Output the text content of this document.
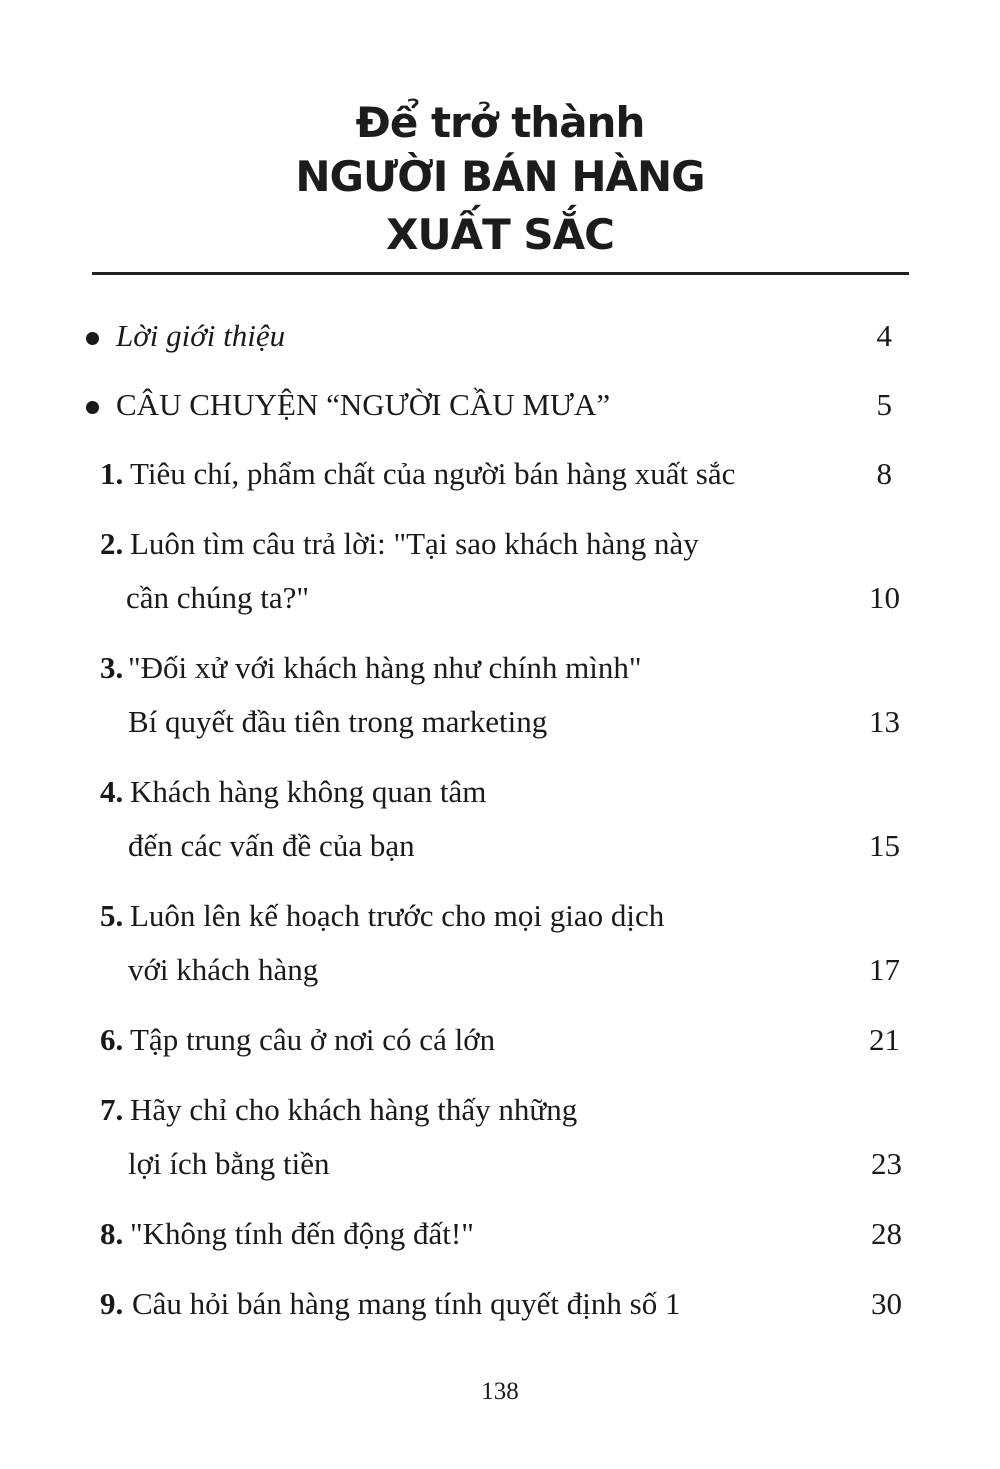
Để trở thành
NGƯỜI BÁN HÀNG
XUẤT SẮC
Lời giới thiệu	4
CÂU CHUYỆN “NGƯỜI CẦU MƯA”	5
1. Tiêu chí, phẩm chất của người bán hàng xuất sắc	8
2. Luôn tìm câu trả lời: "Tại sao khách hàng này
cần chúng ta?"	10
3. "Đối xử với khách hàng như chính mình"
Bí quyết đầu tiên trong marketing	13
4. Khách hàng không quan tâm
đến các vấn đề của bạn	15
5. Luôn lên kế hoạch trước cho mọi giao dịch
với khách hàng	17
6. Tập trung câu ở nơi có cá lớn	21
7. Hãy chỉ cho khách hàng thấy những
lợi ích bằng tiền	23
8. "Không tính đến động đất!"	28
9. Câu hỏi bán hàng mang tính quyết định số 1	30
138
